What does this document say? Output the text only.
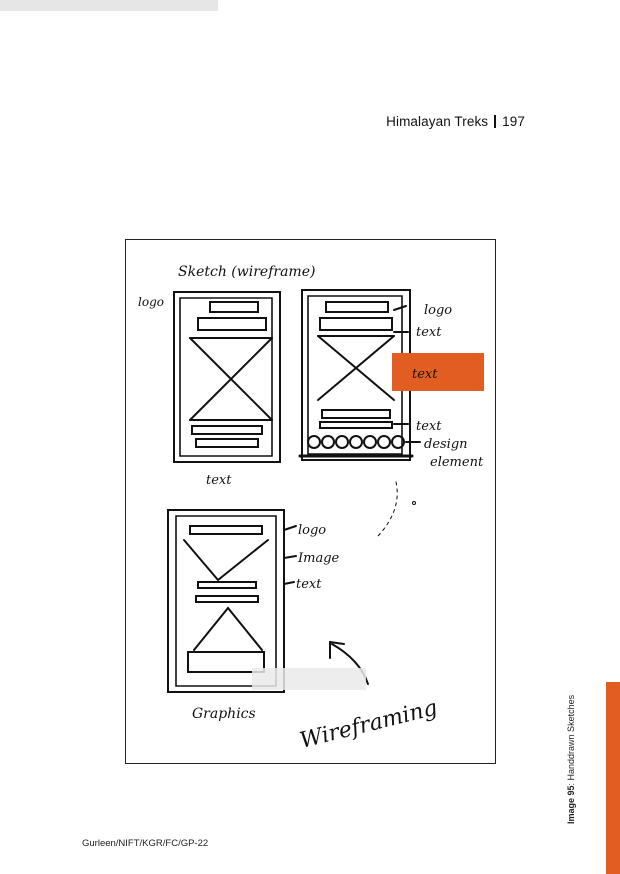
Himalayan Treks 197
Sketch (wireframe)
logo
text
logo
text
text
text
design
element
logo
Image
text
Graphics Wireframing
Gurleen/NIFT/KGR/FC/GP-22
Image 95: Handdrawn Sketches
